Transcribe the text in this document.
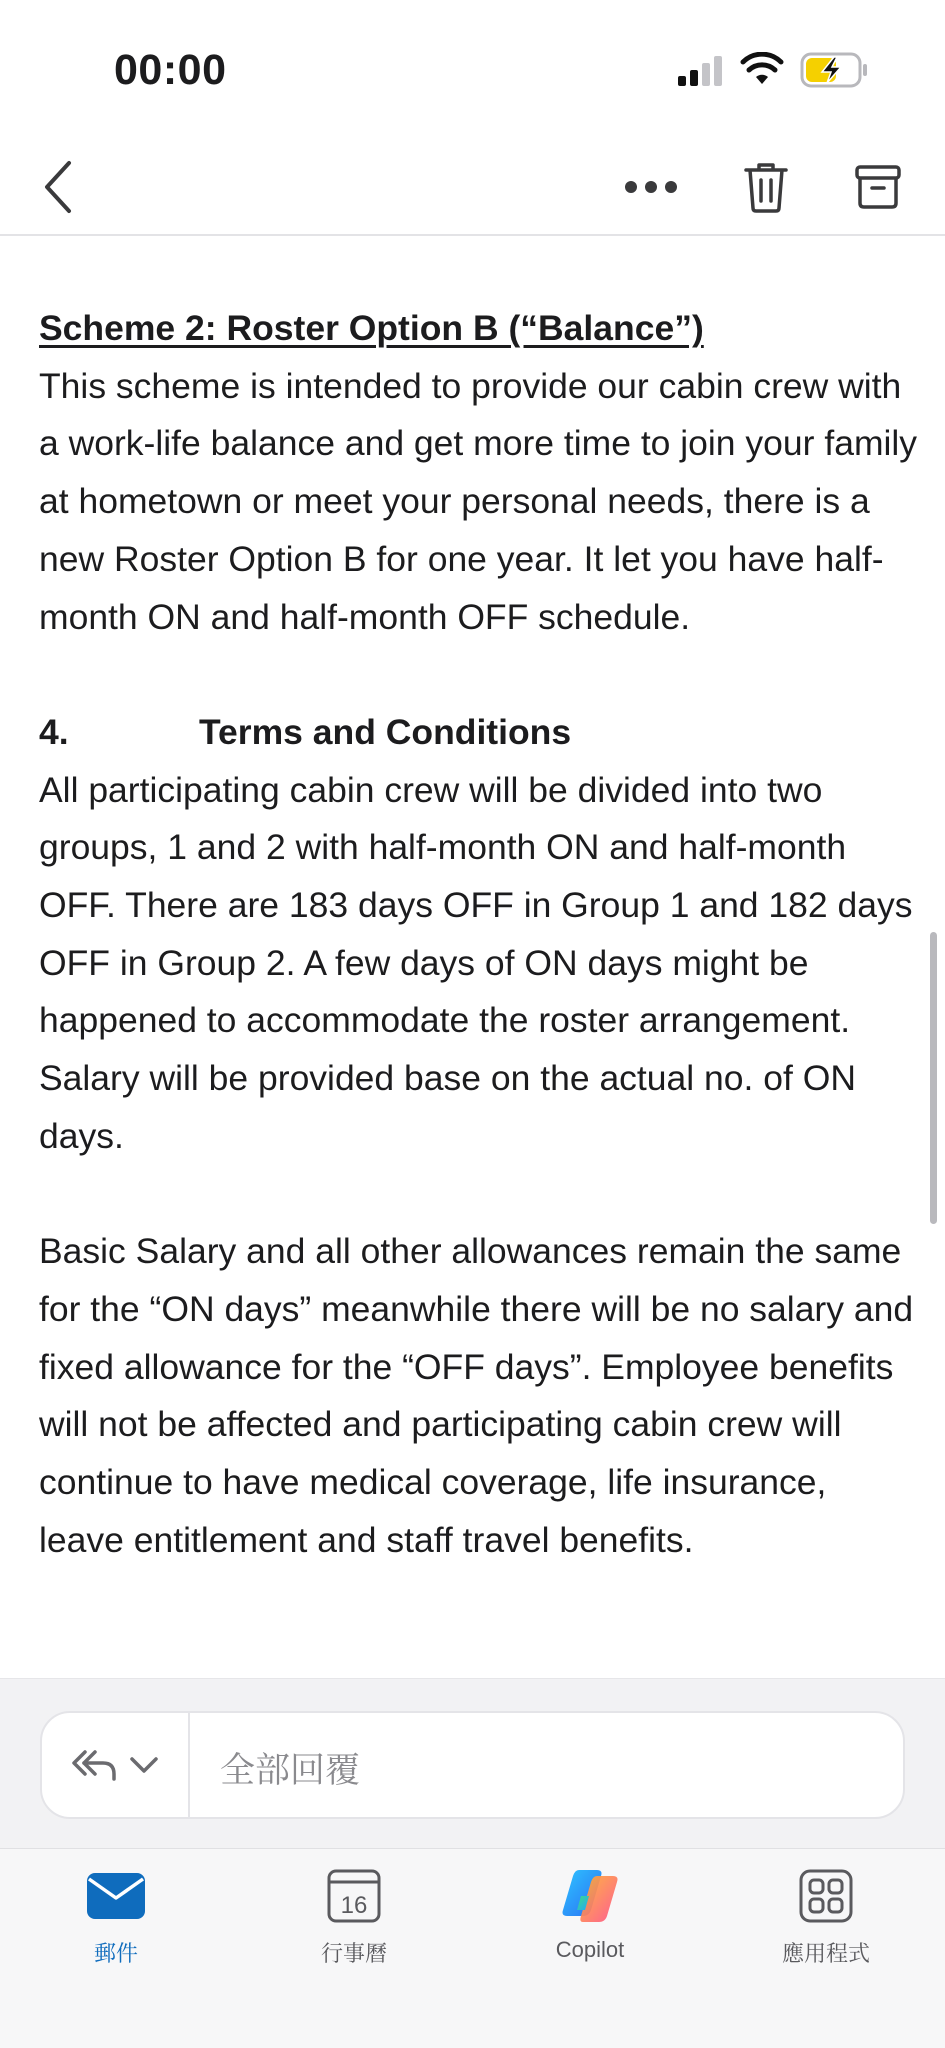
00:00

Scheme 2: Roster Option B (“Balance”)

This scheme is intended to provide our cabin crew with a work-life balance and get more time to join your family at hometown or meet your personal needs, there is a new Roster Option B for one year. It let you have half-month ON and half-month OFF schedule.

4.	Terms and Conditions

All participating cabin crew will be divided into two groups, 1 and 2 with half-month ON and half-month OFF. There are 183 days OFF in Group 1 and 182 days OFF in Group 2. A few days of ON days might be happened to accommodate the roster arrangement. Salary will be provided base on the actual no. of ON days.

Basic Salary and all other allowances remain the same for the “ON days” meanwhile there will be no salary and fixed allowance for the “OFF days”. Employee benefits will not be affected and participating cabin crew will continue to have medical coverage, life insurance, leave entitlement and staff travel benefits.

全部回覆
郵件
16
行事曆	Copilot	應用程式
